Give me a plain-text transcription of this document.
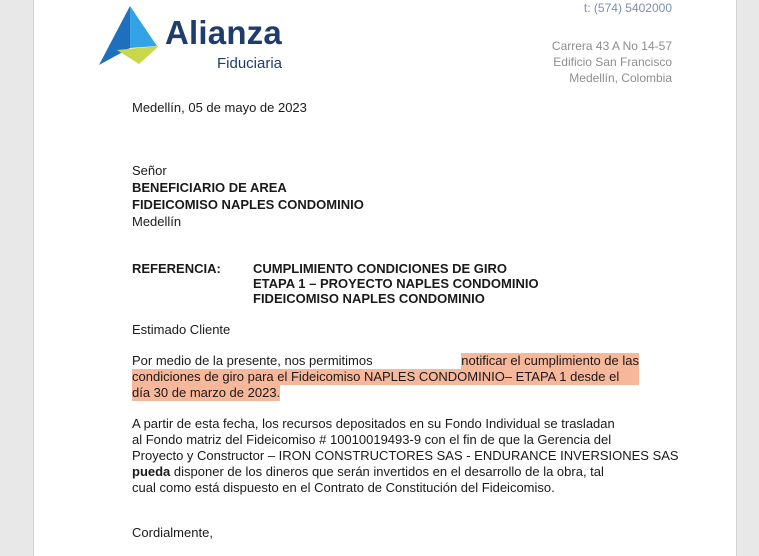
Alianza
Fiduciaria
t: (574) 5402000
Carrera 43 A No 14-57
Edificio San Francisco
Medellín, Colombia
Medellín, 05 de mayo de 2023
Señor
BENEFICIARIO DE AREA
FIDEICOMISO NAPLES CONDOMINIO
Medellín
REFERENCIA: CUMPLIMIENTO CONDICIONES DE GIRO
ETAPA 1 – PROYECTO NAPLES CONDOMINIO
FIDEICOMISO NAPLES CONDOMINIO
Estimado Cliente
Por medio de la presente, nos permitimos	notificar el cumplimiento de las
condiciones de giro para el Fideicomiso NAPLES CONDOMINIO– ETAPA 1 desde el
día 30 de marzo de 2023.
A partir de esta fecha, los recursos depositados en su Fondo Individual se trasladan
al Fondo matriz del Fideicomiso # 10010019493-9 con el fin de que la Gerencia del
Proyecto y Constructor – IRON CONSTRUCTORES SAS - ENDURANCE INVERSIONES SAS
pueda disponer de los dineros que serán invertidos en el desarrollo de la obra, tal
cual como está dispuesto en el Contrato de Constitución del Fideicomiso.
Cordialmente,
